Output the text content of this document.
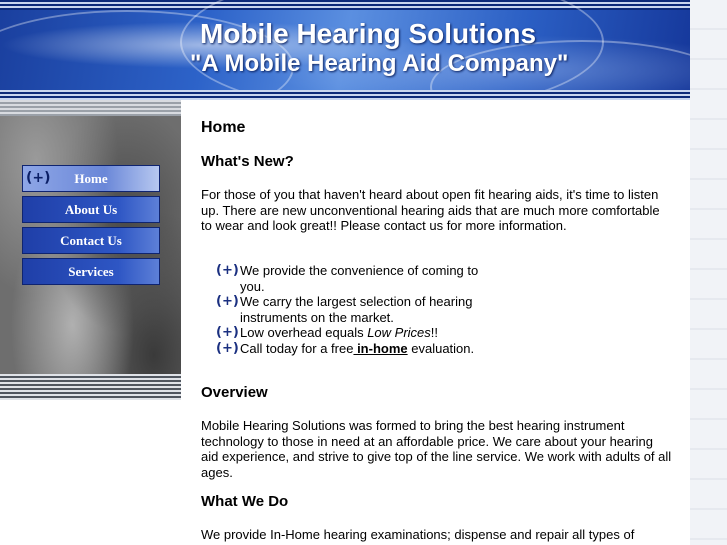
Mobile Hearing Solutions
"A Mobile Hearing Aid Company"
(+) Home
About Us
Contact Us
Services
Home
What's New?

For those of you that haven't heard about open fit hearing aids, it's time to listen up. There are new unconventional hearing aids that are much more comfortable to wear and look great!! Please contact us for more information.

(+) We provide the convenience of coming to you.
(+) We carry the largest selection of hearing instruments on the market.
(+) Low overhead equals Low Prices!!
(+) Call today for a free in-home evaluation.
Overview

Mobile Hearing Solutions was formed to bring the best hearing instrument technology to those in need at an affordable price. We care about your hearing aid experience, and strive to give top of the line service. We work with adults of all ages.

What We Do

We provide In-Home hearing examinations; dispense and repair all types of
